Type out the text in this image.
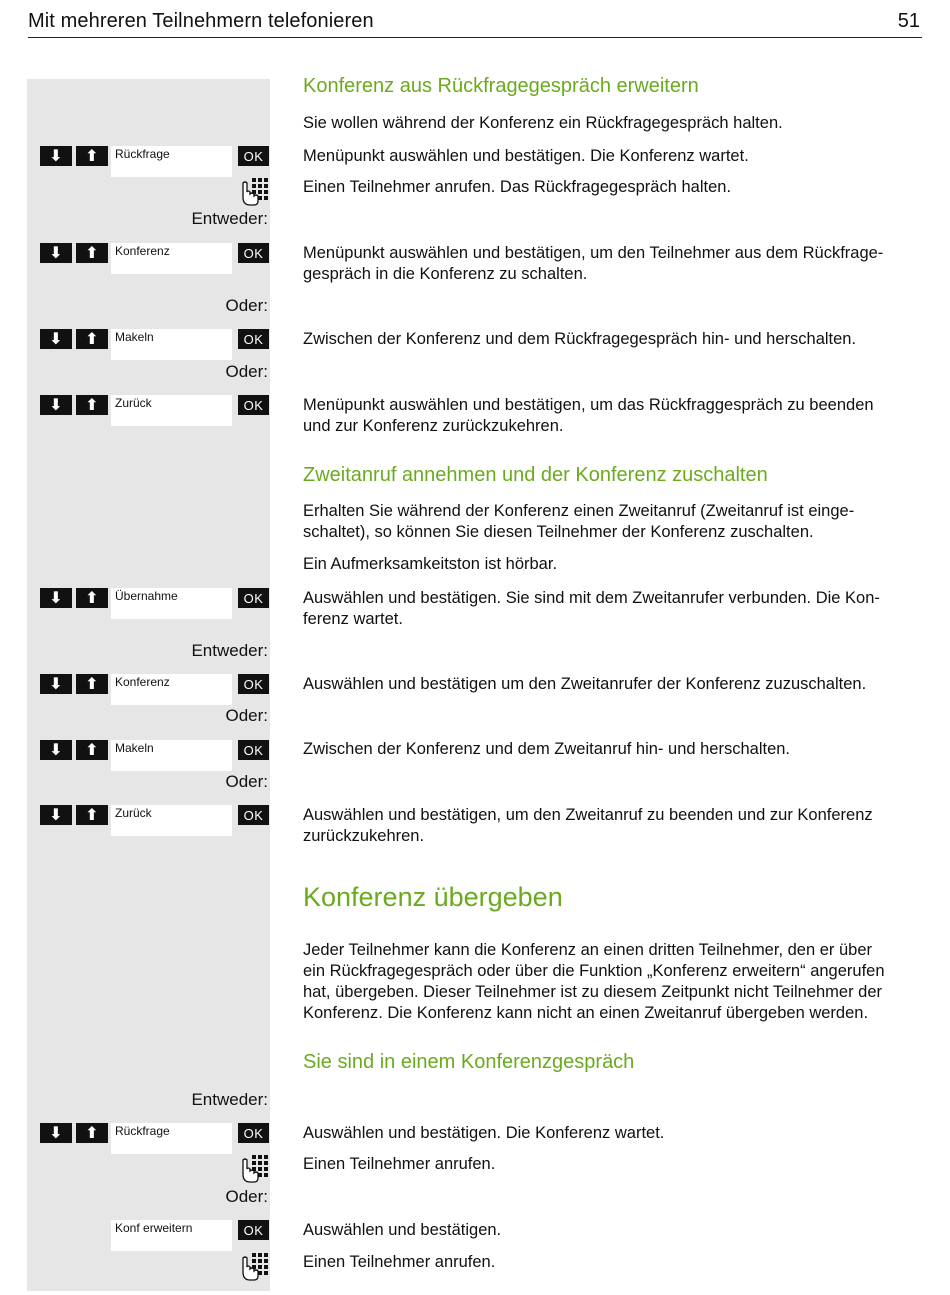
Mit mehreren Teilnehmern telefonieren	51
Konferenz aus Rückfragegespräch erweitern
Sie wollen während der Konferenz ein Rückfragegespräch halten.
⬇	⬆	Rückfrage	OK	Menüpunkt auswählen und bestätigen. Die Konferenz wartet.
Einen Teilnehmer anrufen. Das Rückfragegespräch halten.
Entweder:
⬇	⬆	Konferenz	OK	Menüpunkt auswählen und bestätigen, um den Teilnehmer aus dem Rückfrage-
gespräch in die Konferenz zu schalten.
Oder:
⬇	⬆	Makeln	OK	Zwischen der Konferenz und dem Rückfragegespräch hin- und herschalten.
Oder:
⬇	⬆	Zurück	OK	Menüpunkt auswählen und bestätigen, um das Rückfraggespräch zu beenden
und zur Konferenz zurückzukehren.
Zweitanruf annehmen und der Konferenz zuschalten
Erhalten Sie während der Konferenz einen Zweitanruf (Zweitanruf ist einge-
schaltet), so können Sie diesen Teilnehmer der Konferenz zuschalten.
Ein Aufmerksamkeitston ist hörbar.
⬇	⬆	Übernahme	OK	Auswählen und bestätigen. Sie sind mit dem Zweitanrufer verbunden. Die Kon-
ferenz wartet.
Entweder:
⬇	⬆	Konferenz	OK	Auswählen und bestätigen um den Zweitanrufer der Konferenz zuzuschalten.
Oder:
⬇	⬆	Makeln	OK	Zwischen der Konferenz und dem Zweitanruf hin- und herschalten.
Oder:
⬇	⬆	Zurück	OK	Auswählen und bestätigen, um den Zweitanruf zu beenden und zur Konferenz
zurückzukehren.
Konferenz übergeben
Jeder Teilnehmer kann die Konferenz an einen dritten Teilnehmer, den er über
ein Rückfragegespräch oder über die Funktion „Konferenz erweitern“ angerufen
hat, übergeben. Dieser Teilnehmer ist zu diesem Zeitpunkt nicht Teilnehmer der
Konferenz. Die Konferenz kann nicht an einen Zweitanruf übergeben werden.
Sie sind in einem Konferenzgespräch
Entweder:
⬇	⬆	Rückfrage	OK	Auswählen und bestätigen. Die Konferenz wartet.
Einen Teilnehmer anrufen.
Oder:
Konf erweitern	OK	Auswählen und bestätigen.
Einen Teilnehmer anrufen.
